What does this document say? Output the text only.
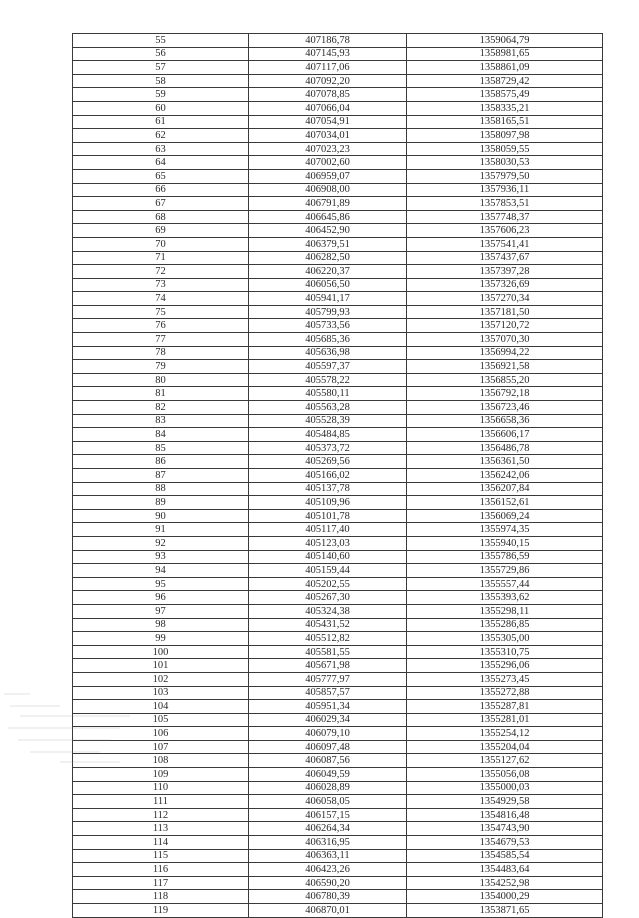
55	407186,78	1359064,79
56	407145,93	1358981,65
57	407117,06	1358861,09
58	407092,20	1358729,42
59	407078,85	1358575,49
60	407066,04	1358335,21
61	407054,91	1358165,51
62	407034,01	1358097,98
63	407023,23	1358059,55
64	407002,60	1358030,53
65	406959,07	1357979,50
66	406908,00	1357936,11
67	406791,89	1357853,51
68	406645,86	1357748,37
69	406452,90	1357606,23
70	406379,51	1357541,41
71	406282,50	1357437,67
72	406220,37	1357397,28
73	406056,50	1357326,69
74	405941,17	1357270,34
75	405799,93	1357181,50
76	405733,56	1357120,72
77	405685,36	1357070,30
78	405636,98	1356994,22
79	405597,37	1356921,58
80	405578,22	1356855,20
81	405580,11	1356792,18
82	405563,28	1356723,46
83	405528,39	1356658,36
84	405484,85	1356606,17
85	405373,72	1356486,78
86	405269,56	1356361,50
87	405166,02	1356242,06
88	405137,78	1356207,84
89	405109,96	1356152,61
90	405101,78	1356069,24
91	405117,40	1355974,35
92	405123,03	1355940,15
93	405140,60	1355786,59
94	405159,44	1355729,86
95	405202,55	1355557,44
96	405267,30	1355393,62
97	405324,38	1355298,11
98	405431,52	1355286,85
99	405512,82	1355305,00
100	405581,55	1355310,75
101	405671,98	1355296,06
102	405777,97	1355273,45
103	405857,57	1355272,88
104	405951,34	1355287,81
105	406029,34	1355281,01
106	406079,10	1355254,12
107	406097,48	1355204,04
108	406087,56	1355127,62
109	406049,59	1355056,08
110	406028,89	1355000,03
111	406058,05	1354929,58
112	406157,15	1354816,48
113	406264,34	1354743,90
114	406316,95	1354679,53
115	406363,11	1354585,54
116	406423,26	1354483,64
117	406590,20	1354252,98
118	406780,39	1354000,29
119	406870,01	1353871,65
